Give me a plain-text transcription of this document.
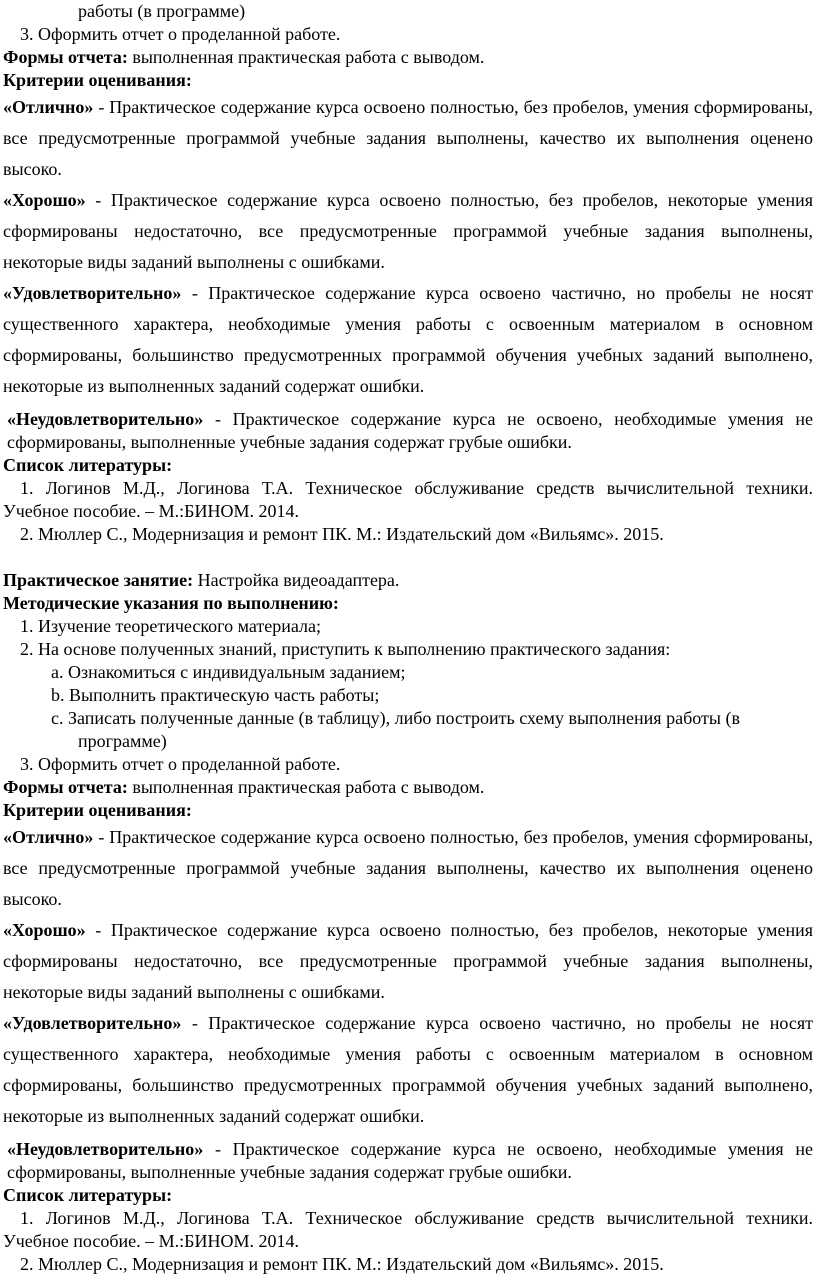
работы (в программе)

3. Оформить отчет о проделанной работе.

Формы отчета: выполненная практическая работа с выводом.

Критерии оценивания:

«Отлично» - Практическое содержание курса освоено полностью, без пробелов, умения сформированы, все предусмотренные программой учебные задания выполнены, качество их выполнения оценено высоко.

«Хорошо» - Практическое содержание курса освоено полностью, без пробелов, некоторые умения сформированы недостаточно, все предусмотренные программой учебные задания выполнены, некоторые виды заданий выполнены с ошибками.

«Удовлетворительно» - Практическое содержание курса освоено частично, но пробелы не носят существенного характера, необходимые умения работы с освоенным материалом в основном сформированы, большинство предусмотренных программой обучения учебных заданий выполнено, некоторые из выполненных заданий содержат ошибки.

«Неудовлетворительно» - Практическое содержание курса не освоено, необходимые умения не сформированы, выполненные учебные задания содержат грубые ошибки.

Список литературы:

1. Логинов М.Д., Логинова Т.А. Техническое обслуживание средств вычислительной техники. Учебное пособие. – М.:БИНОМ. 2014.

2. Мюллер С., Модернизация и ремонт ПК. М.: Издательский дом «Вильямс». 2015.

Практическое занятие: Настройка видеоадаптера.

Методические указания по выполнению:

1. Изучение теоретического материала;

2. На основе полученных знаний, приступить к выполнению практического задания:

a. Ознакомиться с индивидуальным заданием;

b. Выполнить практическую часть работы;

c. Записать полученные данные (в таблицу), либо построить схему выполнения работы (в программе)

3. Оформить отчет о проделанной работе.

Формы отчета: выполненная практическая работа с выводом.

Критерии оценивания:

«Отлично» - Практическое содержание курса освоено полностью, без пробелов, умения сформированы, все предусмотренные программой учебные задания выполнены, качество их выполнения оценено высоко.

«Хорошо» - Практическое содержание курса освоено полностью, без пробелов, некоторые умения сформированы недостаточно, все предусмотренные программой учебные задания выполнены, некоторые виды заданий выполнены с ошибками.

«Удовлетворительно» - Практическое содержание курса освоено частично, но пробелы не носят существенного характера, необходимые умения работы с освоенным материалом в основном сформированы, большинство предусмотренных программой обучения учебных заданий выполнено, некоторые из выполненных заданий содержат ошибки.

«Неудовлетворительно» - Практическое содержание курса не освоено, необходимые умения не сформированы, выполненные учебные задания содержат грубые ошибки.

Список литературы:

1. Логинов М.Д., Логинова Т.А. Техническое обслуживание средств вычислительной техники. Учебное пособие. – М.:БИНОМ. 2014.

2. Мюллер С., Модернизация и ремонт ПК. М.: Издательский дом «Вильямс». 2015.
